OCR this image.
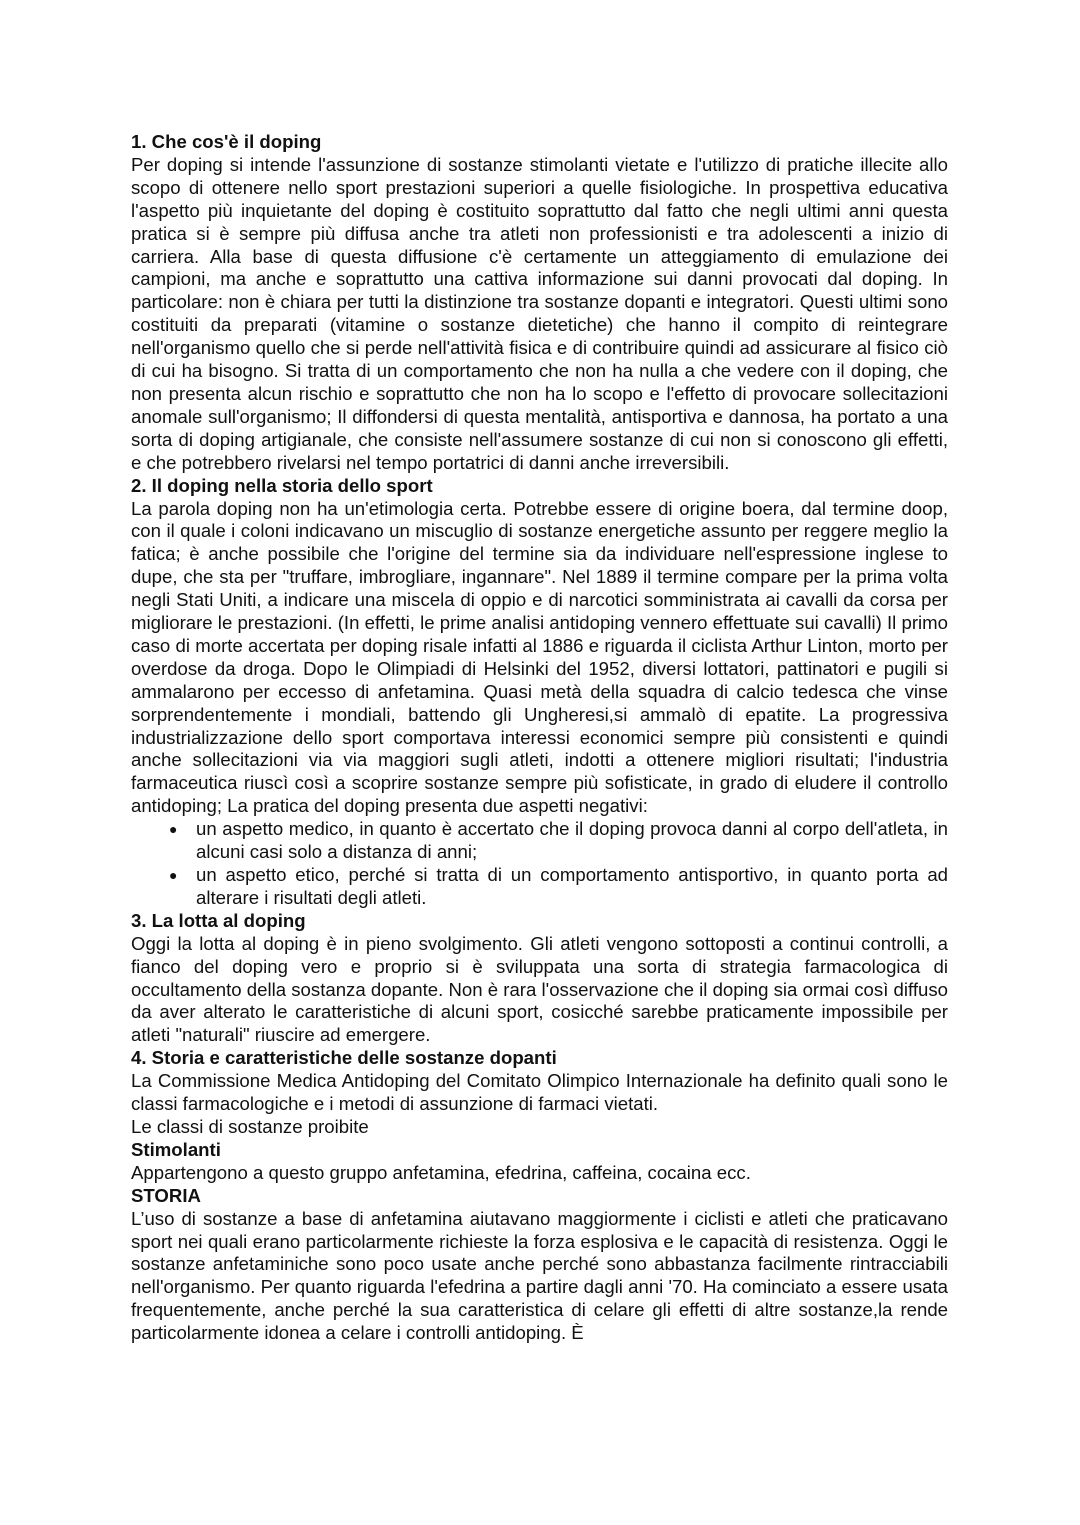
1. Che cos'è il doping
Per doping si intende l'assunzione di sostanze stimolanti vietate e l'utilizzo di pratiche illecite allo scopo di ottenere nello sport prestazioni superiori a quelle fisiologiche. In prospettiva educativa l'aspetto più inquietante del doping è costituito soprattutto dal fatto che negli ultimi anni questa pratica si è sempre più diffusa anche tra atleti non professionisti e tra adolescenti a inizio di carriera. Alla base di questa diffusione c'è certamente un atteggiamento di emulazione dei campioni, ma anche e soprattutto una cattiva informazione sui danni provocati dal doping. In particolare: non è chiara per tutti la distinzione tra sostanze dopanti e integratori. Questi ultimi sono costituiti da preparati (vitamine o sostanze dietetiche) che hanno il compito di reintegrare nell'organismo quello che si perde nell'attività fisica e di contribuire quindi ad assicurare al fisico ciò di cui ha bisogno. Si tratta di un comportamento che non ha nulla a che vedere con il doping, che non presenta alcun rischio e soprattutto che non ha lo scopo e l'effetto di provocare sollecitazioni anomale sull'organismo; Il diffondersi di questa mentalità, antisportiva e dannosa, ha portato a una sorta di doping artigianale, che consiste nell'assumere sostanze di cui non si conoscono gli effetti, e che potrebbero rivelarsi nel tempo portatrici di danni anche irreversibili.
2. Il doping nella storia dello sport
La parola doping non ha un'etimologia certa. Potrebbe essere di origine boera, dal termine doop, con il quale i coloni indicavano un miscuglio di sostanze energetiche assunto per reggere meglio la fatica; è anche possibile che l'origine del termine sia da individuare nell'espressione inglese to dupe, che sta per "truffare, imbrogliare, ingannare". Nel 1889 il termine compare per la prima volta negli Stati Uniti, a indicare una miscela di oppio e di narcotici somministrata ai cavalli da corsa per migliorare le prestazioni. (In effetti, le prime analisi antidoping vennero effettuate sui cavalli) Il primo caso di morte accertata per doping risale infatti al 1886 e riguarda il ciclista Arthur Linton, morto per overdose da droga. Dopo le Olimpiadi di Helsinki del 1952, diversi lottatori, pattinatori e pugili si ammalarono per eccesso di anfetamina. Quasi metà della squadra di calcio tedesca che vinse sorprendentemente i mondiali, battendo gli Ungheresi,si ammalò di epatite. La progressiva industrializzazione dello sport comportava interessi economici sempre più consistenti e quindi anche sollecitazioni via via maggiori sugli atleti, indotti a ottenere migliori risultati; l'industria farmaceutica riuscì così a scoprire sostanze sempre più sofisticate, in grado di eludere il controllo antidoping; La pratica del doping presenta due aspetti negativi:
● un aspetto medico, in quanto è accertato che il doping provoca danni al corpo dell'atleta, in alcuni casi solo a distanza di anni;
● un aspetto etico, perché si tratta di un comportamento antisportivo, in quanto porta ad alterare i risultati degli atleti.
3. La lotta al doping
Oggi la lotta al doping è in pieno svolgimento. Gli atleti vengono sottoposti a continui controlli, a fianco del doping vero e proprio si è sviluppata una sorta di strategia farmacologica di occultamento della sostanza dopante. Non è rara l'osservazione che il doping sia ormai così diffuso da aver alterato le caratteristiche di alcuni sport, cosicché sarebbe praticamente impossibile per atleti "naturali" riuscire ad emergere.
4. Storia e caratteristiche delle sostanze dopanti
La Commissione Medica Antidoping del Comitato Olimpico Internazionale ha definito quali sono le classi farmacologiche e i metodi di assunzione di farmaci vietati.
Le classi di sostanze proibite
Stimolanti
Appartengono a questo gruppo anfetamina, efedrina, caffeina, cocaina ecc.
STORIA
L’uso di sostanze a base di anfetamina aiutavano maggiormente i ciclisti e atleti che praticavano sport nei quali erano particolarmente richieste la forza esplosiva e le capacità di resistenza. Oggi le sostanze anfetaminiche sono poco usate anche perché sono abbastanza facilmente rintracciabili nell'organismo. Per quanto riguarda l'efedrina a partire dagli anni '70. Ha cominciato a essere usata frequentemente, anche perché la sua caratteristica di celare gli effetti di altre sostanze,la rende particolarmente idonea a celare i controlli antidoping. È
